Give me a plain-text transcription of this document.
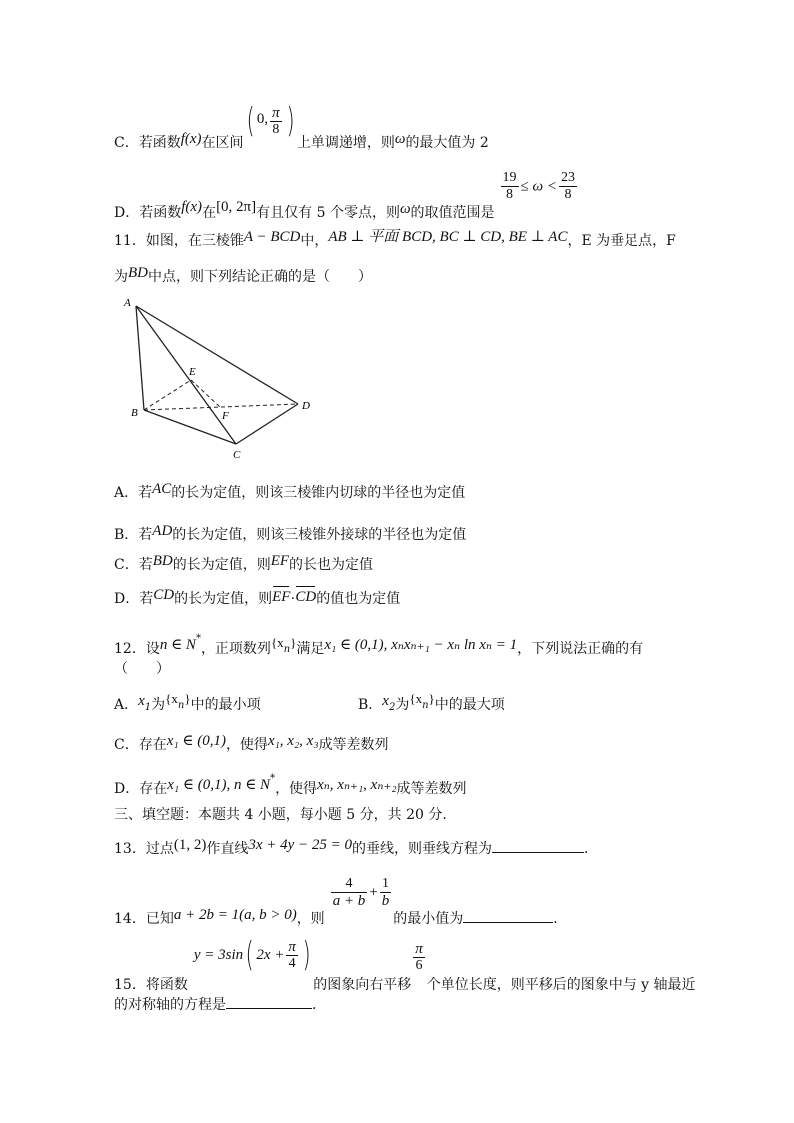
C．若函数f(x)在区间( 0, $\frac{\pi}{8}$ )上单调递增，则ω的最大值为 2
D．若函数f(x)在[0, 2π]有且仅有 5 个零点，则ω的取值范围是
$\frac{19}{8} \le \omega < \frac{23}{8}$
11．如图，在三棱锥A − BCD中，AB ⊥ 平面 BCD, BC ⊥ CD, BE ⊥ AC，E 为垂足点，F
为BD中点，则下列结论正确的是（　　）
A
B
C
D
E
F
A．若AC的长为定值，则该三棱锥内切球的半径也为定值
B．若AD的长为定值，则该三棱锥外接球的半径也为定值
C．若BD的长为定值，则EF的长也为定值
D．若CD的长为定值，则EF·CD的值也为定值
12．设n ∈ N*，正项数列$\{x_n\}$满足x₁ ∈ (0,1), xₙxₙ₊₁ − xₙ ln xₙ = 1，下列说法正确的有
（　　）
A．$x_1$为$\{x_n\}$中的最小项	B．$x_2$为$\{x_n\}$中的最大项
C．存在x₁ ∈ (0,1)，使得x₁, x₂, x₃成等差数列
D．存在x₁ ∈ (0,1), n ∈ N*，使得xₙ, xₙ₊₁, xₙ₊₂成等差数列
三、填空题：本题共 4 小题，每小题 5 分，共 20 分．
13．过点(1, 2)作直线3x + 4y − 25 = 0的垂线，则垂线方程为	．
14．已知a + 2b = 1(a, b > 0)，则
$\frac{4}{a + b} + \frac{1}{b}$
的最小值为	．
15．将函数y = 3sin( $2x + \frac{\pi}{4}$ )的图象向右平移
$\frac{\pi}{6}$
个单位长度，则平移后的图象中与 y 轴最近
的对称轴的方程是	．
